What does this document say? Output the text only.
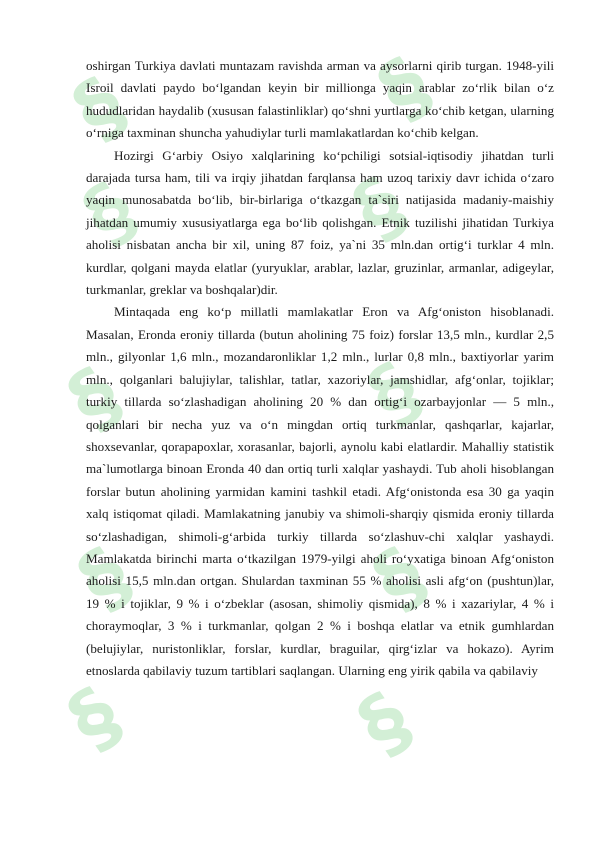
§	§
§ §
§	§
§	§
§	§

oshirgan Turkiya davlati muntazam ravishda arman va aysorlarni qirib turgan. 1948-yili Isroil davlati paydo bo‘lgandan keyin bir millionga yaqin arablar zo‘rlik bilan o‘z hududlaridan haydalib (xususan falastinliklar) qo‘shni yurtlarga ko‘chib ketgan, ularning o‘rniga taxminan shuncha yahudiylar turli mamlakatlardan ko‘chib kelgan.

Hozirgi G‘arbiy Osiyo xalqlarining ko‘pchiligi sotsial-iqtisodiy jihatdan turli darajada tursa ham, tili va irqiy jihatdan farqlansa ham uzoq tarixiy davr ichida o‘zaro yaqin munosabatda bo‘lib, bir-birlariga o‘tkazgan ta`siri natijasida madaniy-maishiy jihatdan umumiy xususiyatlarga ega bo‘lib qolishgan. Etnik tuzilishi jihatidan Turkiya aholisi nisbatan ancha bir xil, uning 87 foiz, ya`ni 35 mln.dan ortig‘i turklar 4 mln. kurdlar, qolgani mayda elatlar (yuryuklar, arablar, lazlar, gruzinlar, armanlar, adigeylar, turkmanlar, greklar va boshqalar)dir.

Mintaqada eng ko‘p millatli mamlakatlar Eron va Afg‘oniston hisoblanadi. Masalan, Eronda eroniy tillarda (butun aholining 75 foiz) forslar 13,5 mln., kurdlar 2,5 mln., gilyonlar 1,6 mln., mozandaronliklar 1,2 mln., lurlar 0,8 mln., baxtiyorlar yarim mln., qolganlari balujiylar, talishlar, tatlar, xazoriylar, jamshidlar, afg‘onlar, tojiklar; turkiy tillarda so‘zlashadigan aholining 20 % dan ortig‘i ozarbayjonlar — 5 mln., qolganlari bir necha yuz va o‘n mingdan ortiq turkmanlar, qashqarlar, kajarlar, shoxsevanlar, qorapapoxlar, xorasanlar, bajorli, aynolu kabi elatlardir. Mahalliy statistik ma`lumotlarga binoan Eronda 40 dan ortiq turli xalqlar yashaydi. Tub aholi hisoblangan forslar butun aholining yarmidan kamini tashkil etadi. Afg‘onistonda esa 30 ga yaqin xalq istiqomat qiladi. Mamlakatning janubiy va shimoli-sharqiy qismida eroniy tillarda so‘zlashadigan, shimoli-g‘arbida turkiy tillarda so‘zlashuv-chi xalqlar yashaydi. Mamlakatda birinchi marta o‘tkazilgan 1979-yilgi aholi ro‘yxatiga binoan Afg‘oniston aholisi 15,5 mln.dan ortgan. Shulardan taxminan 55 % aholisi asli afg‘on (pushtun)lar, 19 % i tojiklar, 9 % i o‘zbeklar (asosan, shimoliy qismida), 8 % i xazariylar, 4 % i choraymoqlar, 3 % i turkmanlar, qolgan 2 % i boshqa elatlar va etnik gumhlardan (belujiylar, nuristonliklar, forslar, kurdlar, braguilar, qirg‘izlar va hokazo). Ayrim etnoslarda qabilaviy tuzum tartiblari saqlangan. Ularning eng yirik qabila va qabilaviy
